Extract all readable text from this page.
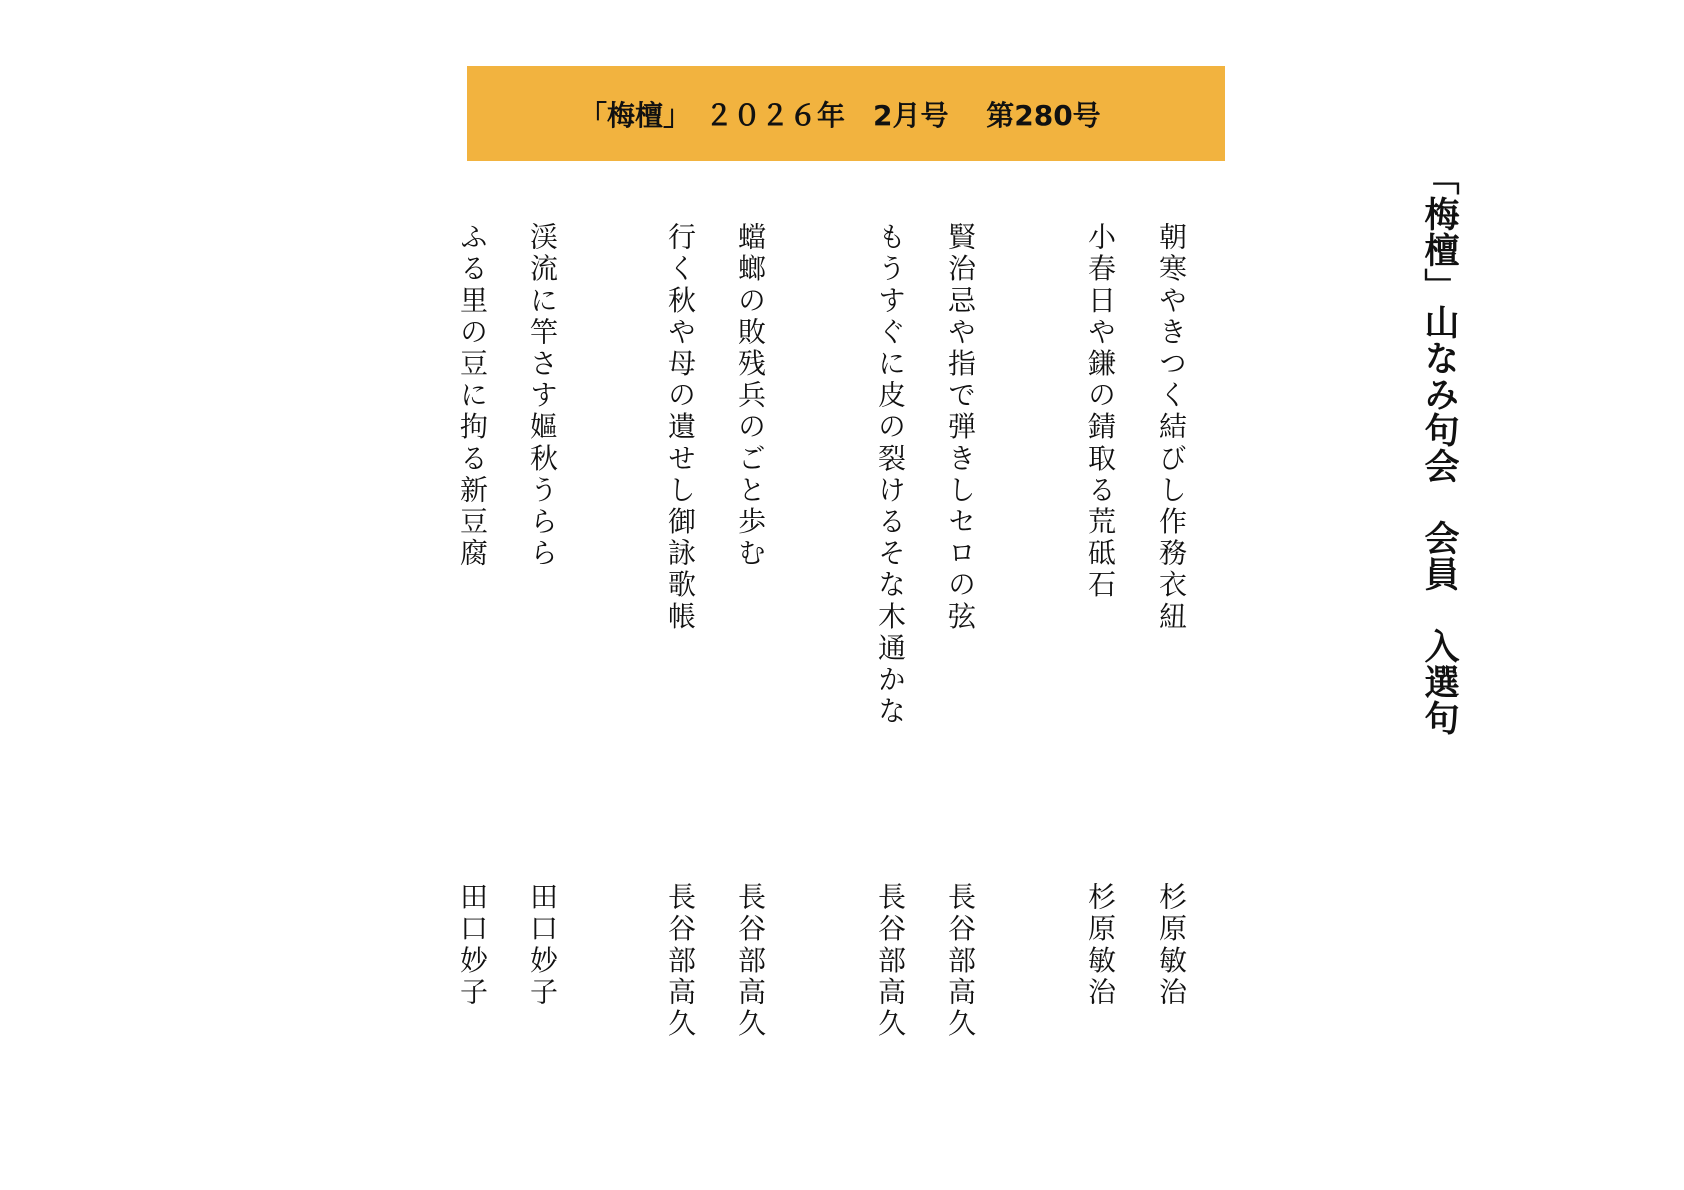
「梅檀」　２０２６年　2月号　 第280号
「梅檀」山なみ句会　会員　入選句
朝寒やきつく結びし作務衣紐
杉原敏治
小春日や鎌の錆取る荒砥石
杉原敏治
賢治忌や指で弾きしセロの弦
長谷部高久
もうすぐに皮の裂けるそな木通かな
長谷部高久
蟷螂の敗残兵のごと歩む
長谷部高久
行く秋や母の遺せし御詠歌帳
長谷部高久
渓流に竿さす嫗秋うらら
田口妙子
ふる里の豆に拘る新豆腐
田口妙子
